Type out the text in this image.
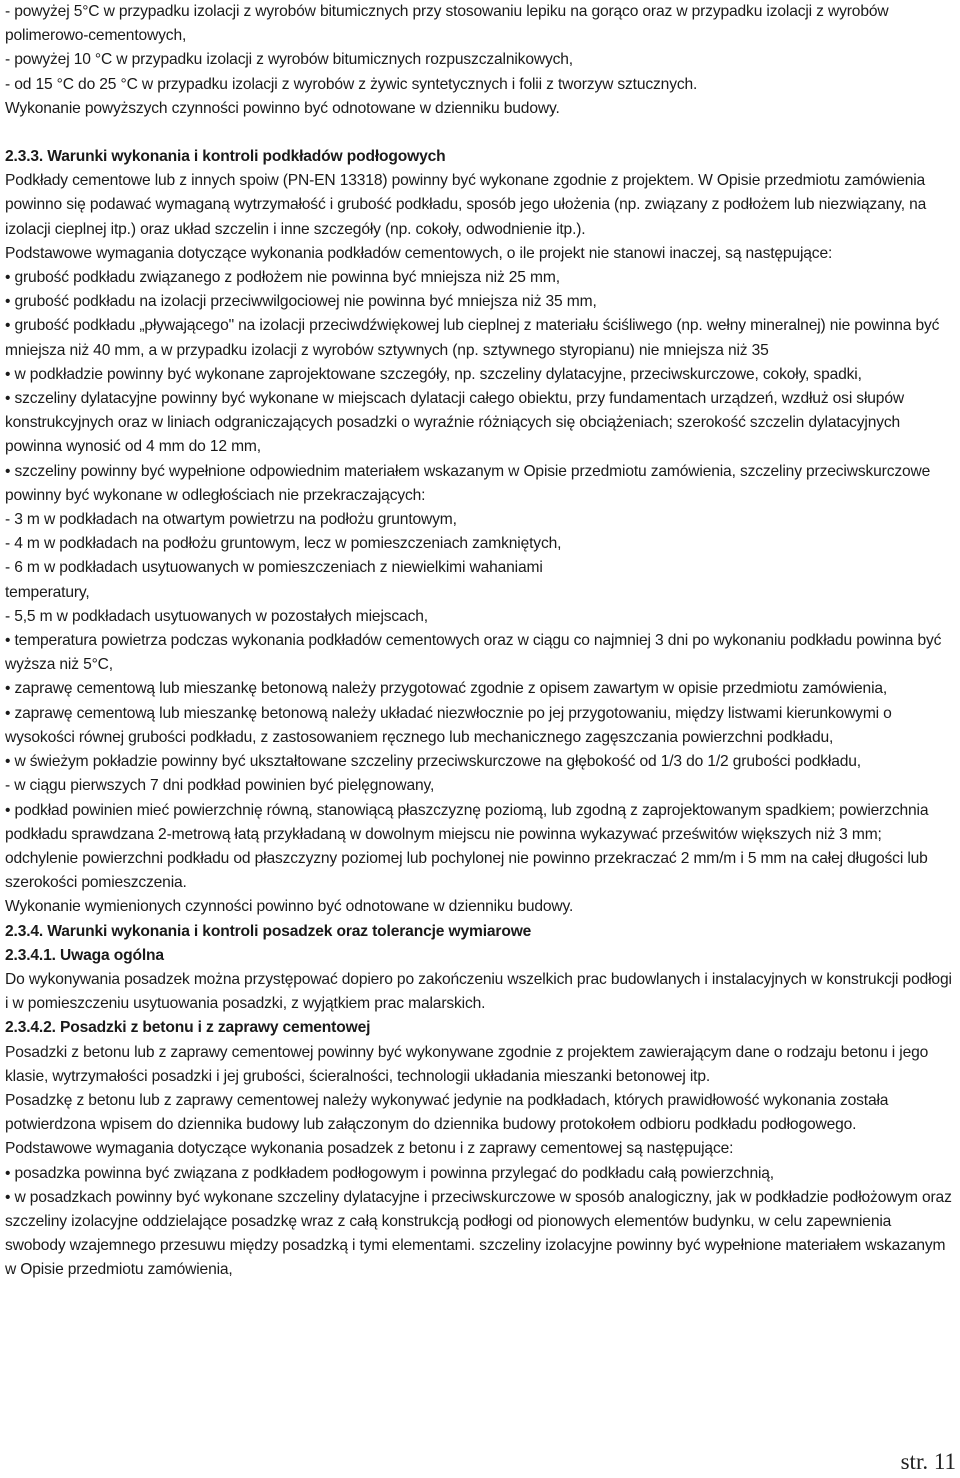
- powyżej 5°C w przypadku izolacji z wyrobów bitumicznych przy stosowaniu lepiku na gorąco oraz w przypadku izolacji z wyrobów polimerowo-cementowych,

- powyżej 10 °C w przypadku izolacji z wyrobów bitumicznych rozpuszczalnikowych,

- od 15 °C do 25 °C w przypadku izolacji z wyrobów z żywic syntetycznych i folii z tworzyw sztucznych.

Wykonanie powyższych czynności powinno być odnotowane w dzienniku budowy.

2.3.3. Warunki wykonania i kontroli podkładów podłogowych

Podkłady cementowe lub z innych spoiw (PN-EN 13318) powinny być wykonane zgodnie z projektem. W Opisie przedmiotu zamówienia powinno się podawać wymaganą wytrzymałość i grubość podkładu, sposób jego ułożenia (np. związany z podłożem lub niezwiązany, na izolacji cieplnej itp.) oraz układ szczelin i inne szczegóły (np. cokoły, odwodnienie itp.).

Podstawowe wymagania dotyczące wykonania podkładów cementowych, o ile projekt nie stanowi inaczej, są następujące:

• grubość podkładu związanego z podłożem nie powinna być mniejsza niż 25 mm,

• grubość podkładu na izolacji przeciwwilgociowej nie powinna być mniejsza niż 35 mm,

• grubość podkładu „pływającego" na izolacji przeciwdźwiękowej lub cieplnej z materiału ściśliwego (np. wełny mineralnej) nie powinna być mniejsza niż 40 mm, a w przypadku izolacji z wyrobów sztywnych (np. sztywnego styropianu) nie mniejsza niż 35

• w podkładzie powinny być wykonane zaprojektowane szczegóły, np. szczeliny dylatacyjne, przeciwskurczowe, cokoły, spadki,

• szczeliny dylatacyjne powinny być wykonane w miejscach dylatacji całego obiektu, przy fundamentach urządzeń, wzdłuż osi słupów konstrukcyjnych oraz w liniach odgraniczających posadzki o wyraźnie różniących się obciążeniach; szerokość szczelin dylatacyjnych powinna wynosić od 4 mm do 12 mm,

• szczeliny powinny być wypełnione odpowiednim materiałem wskazanym w Opisie przedmiotu zamówienia, szczeliny przeciwskurczowe powinny być wykonane w odległościach nie przekraczających:

- 3 m w podkładach na otwartym powietrzu na podłożu gruntowym,

- 4 m w podkładach na podłożu gruntowym, lecz w pomieszczeniach zamkniętych,

- 6 m w podkładach usytuowanych w pomieszczeniach z niewielkimi wahaniami

temperatury,

- 5,5 m w podkładach usytuowanych w pozostałych miejscach,

• temperatura powietrza podczas wykonania podkładów cementowych oraz w ciągu co najmniej 3 dni po wykonaniu podkładu powinna być wyższa niż 5°C,

• zaprawę cementową lub mieszankę betonową należy przygotować zgodnie z opisem zawartym w opisie przedmiotu zamówienia,

• zaprawę cementową lub mieszankę betonową należy układać niezwłocznie po jej przygotowaniu, między listwami kierunkowymi o wysokości równej grubości podkładu, z zastosowaniem ręcznego lub mechanicznego zagęszczania powierzchni podkładu,

• w świeżym pokładzie powinny być ukształtowane szczeliny przeciwskurczowe na głębokość od 1/3 do 1/2 grubości podkładu,

- w ciągu pierwszych 7 dni podkład powinien być pielęgnowany,

• podkład powinien mieć powierzchnię równą, stanowiącą płaszczyznę poziomą, lub zgodną z zaprojektowanym spadkiem; powierzchnia podkładu sprawdzana 2-metrową łatą przykładaną w dowolnym miejscu nie powinna wykazywać prześwitów większych niż 3 mm; odchylenie powierzchni podkładu od płaszczyzny poziomej lub pochylonej nie powinno przekraczać 2 mm/m i 5 mm na całej długości lub szerokości pomieszczenia.

Wykonanie wymienionych czynności powinno być odnotowane w dzienniku budowy.

2.3.4. Warunki wykonania i kontroli posadzek oraz tolerancje wymiarowe

2.3.4.1. Uwaga ogólna

Do wykonywania posadzek można przystępować dopiero po zakończeniu wszelkich prac budowlanych i instalacyjnych w konstrukcji podłogi i w pomieszczeniu usytuowania posadzki, z wyjątkiem prac malarskich.

2.3.4.2. Posadzki z betonu i z zaprawy cementowej

Posadzki z betonu lub z zaprawy cementowej powinny być wykonywane zgodnie z projektem zawierającym dane o rodzaju betonu i jego klasie, wytrzymałości posadzki i jej grubości, ścieralności, technologii układania mieszanki betonowej itp.

Posadzkę z betonu lub z zaprawy cementowej należy wykonywać jedynie na podkładach, których prawidłowość wykonania została potwierdzona wpisem do dziennika budowy lub załączonym do dziennika budowy protokołem odbioru podkładu podłogowego.

Podstawowe wymagania dotyczące wykonania posadzek z betonu i z zaprawy cementowej są następujące:

• posadzka powinna być związana z podkładem podłogowym i powinna przylegać do podkładu całą powierzchnią,

• w posadzkach powinny być wykonane szczeliny dylatacyjne i przeciwskurczowe w sposób analogiczny, jak w podkładzie podłożowym oraz szczeliny izolacyjne oddzielające posadzkę wraz z całą konstrukcją podłogi od pionowych elementów budynku, w celu zapewnienia swobody wzajemnego przesuwu między posadzką i tymi elementami. szczeliny izolacyjne powinny być wypełnione materiałem wskazanym w Opisie przedmiotu zamówienia,

str. 11
